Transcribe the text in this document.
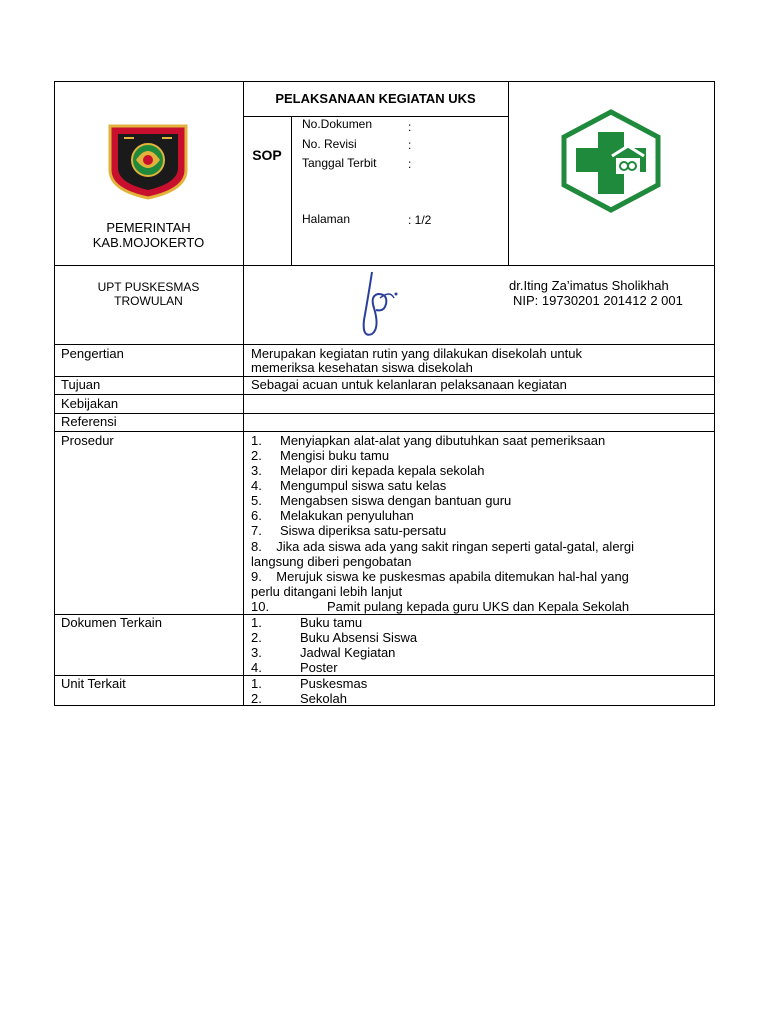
PEMERINTAH
KAB.MOJOKERTO
PELAKSANAAN KEGIATAN UKS
SOP
No.Dokumen	:
No. Revisi	:
Tanggal Terbit	:
Halaman	: 1/2
UPT PUSKESMAS
TROWULAN
dr.Iting Za’imatus Sholikhah
NIP: 19730201 201412 2 001
Pengertian	Merupakan kegiatan rutin yang dilakukan disekolah untuk
memeriksa kesehatan siswa disekolah
Tujuan	Sebagai acuan untuk kelanlaran pelaksanaan kegiatan
Kebijakan
Referensi
Prosedur	1. Menyiapkan alat-alat yang dibutuhkan saat pemeriksaan
2. Mengisi buku tamu
3. Melapor diri kepada kepala sekolah
4. Mengumpul siswa satu kelas
5. Mengabsen siswa dengan bantuan guru
6. Melakukan penyuluhan
7. Siswa diperiksa satu-persatu
8.    Jika ada siswa ada yang sakit ringan seperti gatal-gatal, alergi
langsung diberi pengobatan
9.    Merujuk siswa ke puskesmas apabila ditemukan hal-hal yang
perlu ditangani lebih lanjut
10.	Pamit pulang kepada guru UKS dan Kepala Sekolah
Dokumen Terkain	1.	Buku tamu
2.	Buku Absensi Siswa
3.	Jadwal Kegiatan
4.	Poster
Unit Terkait	1.	Puskesmas
2.	Sekolah
